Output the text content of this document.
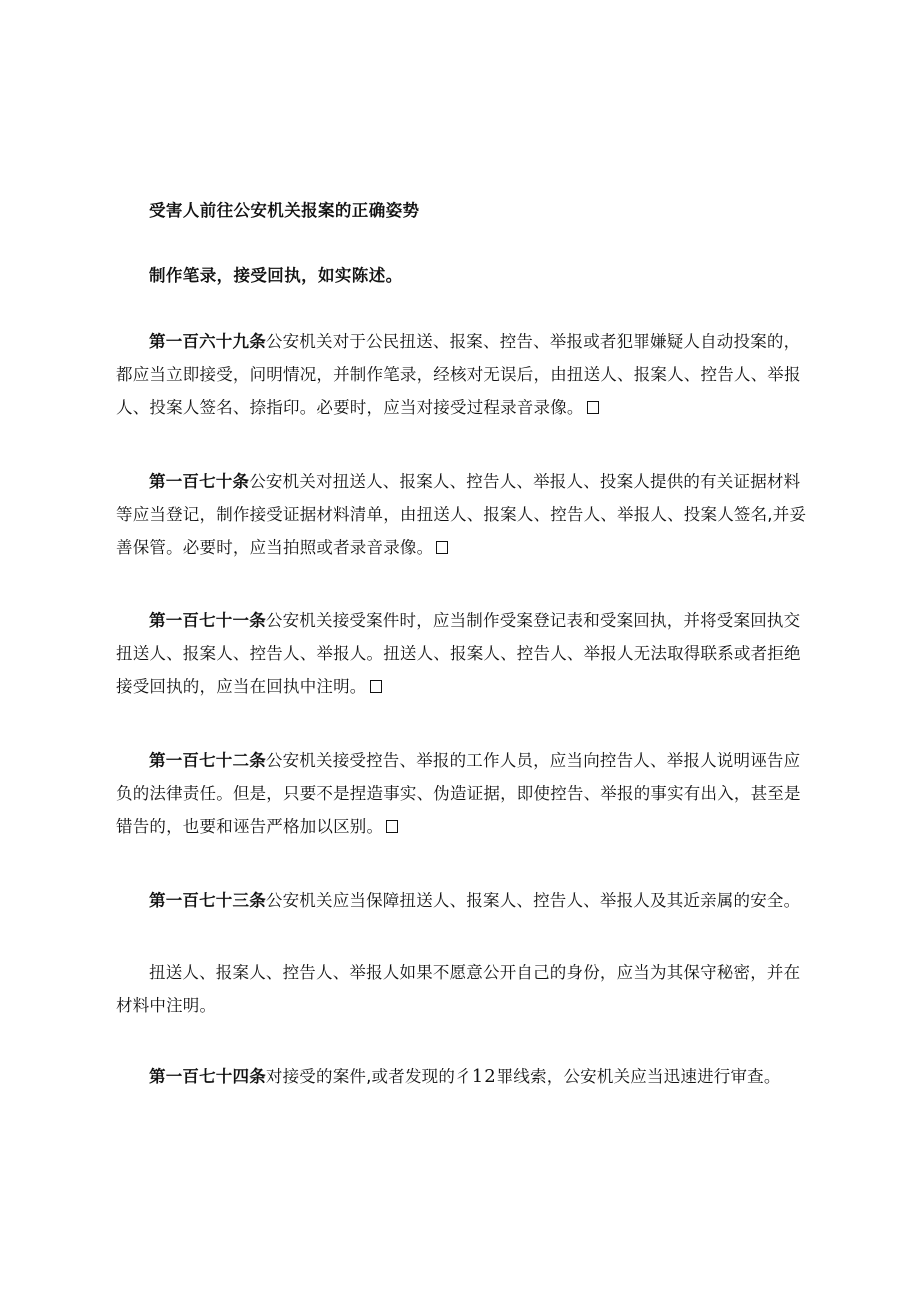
受害人前往公安机关报案的正确姿势
制作笔录，接受回执，如实陈述。
第一百六十九条公安机关对于公民扭送、报案、控告、举报或者犯罪嫌疑人自动投案的，都应当立即接受，问明情况，并制作笔录，经核对无误后，由扭送人、报案人、控告人、举报人、投案人签名、捺指印。必要时，应当对接受过程录音录像。
第一百七十条公安机关对扭送人、报案人、控告人、举报人、投案人提供的有关证据材料等应当登记，制作接受证据材料清单，由扭送人、报案人、控告人、举报人、投案人签名,并妥善保管。必要时，应当拍照或者录音录像。
第一百七十一条公安机关接受案件时，应当制作受案登记表和受案回执，并将受案回执交扭送人、报案人、控告人、举报人。扭送人、报案人、控告人、举报人无法取得联系或者拒绝接受回执的，应当在回执中注明。
第一百七十二条公安机关接受控告、举报的工作人员，应当向控告人、举报人说明诬告应负的法律责任。但是，只要不是捏造事实、伪造证据，即使控告、举报的事实有出入，甚至是错告的，也要和诬告严格加以区别。
第一百七十三条公安机关应当保障扭送人、报案人、控告人、举报人及其近亲属的安全。
扭送人、报案人、控告人、举报人如果不愿意公开自己的身份，应当为其保守秘密，并在材料中注明。
第一百七十四条对接受的案件,或者发现的彳12罪线索，公安机关应当迅速进行审查。
